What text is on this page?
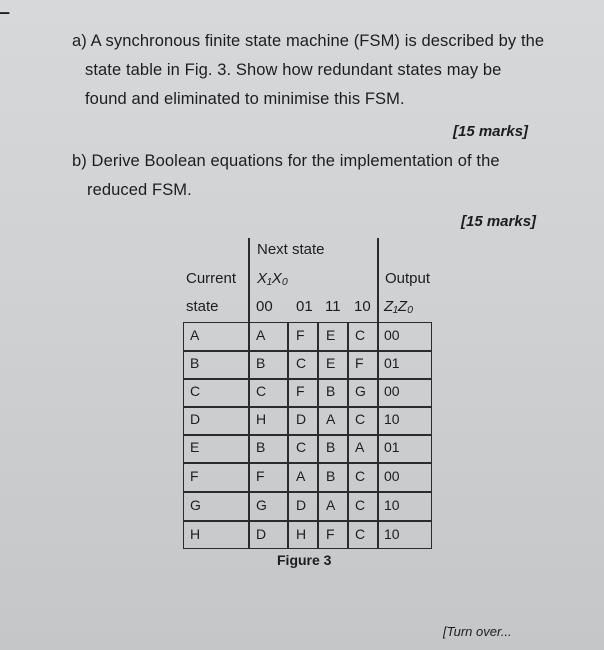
▁
a) A synchronous finite state machine (FSM) is described by the
state table in Fig. 3. Show how redundant states may be
found and eliminated to minimise this FSM.
[15 marks]
b) Derive Boolean equations for the implementation of the
reduced FSM.
[15 marks]
Next state
Current X₁X₀	Output
state 00 01 11 10 Z₁Z₀
A	A F E C 00
B	B C E F 01
C	C F B G 00
D	H D A C 10
E	B C B A 01
F	F A B C 00
G	G D A C 10
H	D H F C 10
Figure 3
[Turn over...
